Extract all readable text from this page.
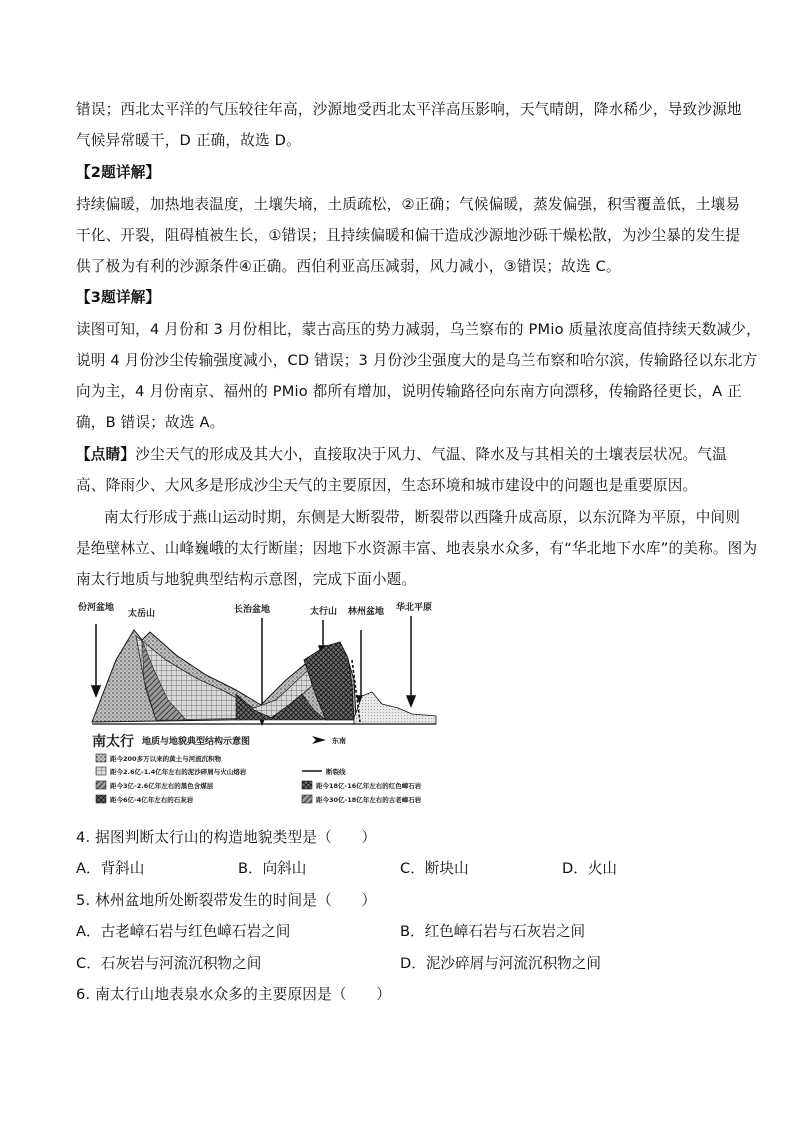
错误；西北太平洋的气压较往年高，沙源地受西北太平洋高压影响，天气晴朗，降水稀少，导致沙源地
气候异常暖干，D 正确，故选 D。
【2题详解】
持续偏暖，加热地表温度，土壤失墒，土质疏松，②正确；气候偏暖，蒸发偏强，积雪覆盖低，土壤易
干化、开裂，阻碍植被生长，①错误；且持续偏暖和偏干造成沙源地沙砾干燥松散，为沙尘暴的发生提
供了极为有利的沙源条件④正确。西伯利亚高压减弱，风力减小，③错误；故选 C。
【3题详解】
读图可知，4 月份和 3 月份相比，蒙古高压的势力减弱，乌兰察布的 PMio 质量浓度高值持续天数减少，
说明 4 月份沙尘传输强度减小，CD 错误；3 月份沙尘强度大的是乌兰布察和哈尔滨，传输路径以东北方
向为主，4 月份南京、福州的 PMio 都所有增加，说明传输路径向东南方向漂移，传输路径更长，A 正
确，B 错误；故选 A。
【点睛】沙尘天气的形成及其大小，直接取决于风力、气温、降水及与其相关的土壤表层状况。气温
高、降雨少、大风多是形成沙尘天气的主要原因，生态环境和城市建设中的问题也是重要原因。
南太行形成于燕山运动时期，东侧是大断裂带，断裂带以西隆升成高原，以东沉降为平原，中间则
是绝壁林立、山峰巍峨的太行断崖；因地下水资源丰富、地表泉水众多，有“华北地下水库”的美称。图为
南太行地质与地貌典型结构示意图，完成下面小题。
份河盆地
太岳山	长治盆地	太行山 林州盆地 华北平原
南太行 地质与地貌典型结构示意图	东南
距今200多万以来的黄土与河流沉积物
距今2.6亿-1.4亿年左右的泥沙碎屑与火山熔岩	断裂线
距今3亿-2.6亿年左右的黑色含煤层	距今18亿-16亿年左右的红色嶂石岩
距今6亿-4亿年左右的石灰岩	距今30亿-18亿年左右的古老嶂石岩
4. 据图判断太行山的构造地貌类型是（　　）
A．背斜山	B．向斜山	C．断块山	D．火山
5. 林州盆地所处断裂带发生的时间是（　　）
A．古老嶂石岩与红色嶂石岩之间	B．红色嶂石岩与石灰岩之间
C．石灰岩与河流沉积物之间	D．泥沙碎屑与河流沉积物之间
6. 南太行山地表泉水众多的主要原因是（　　）
